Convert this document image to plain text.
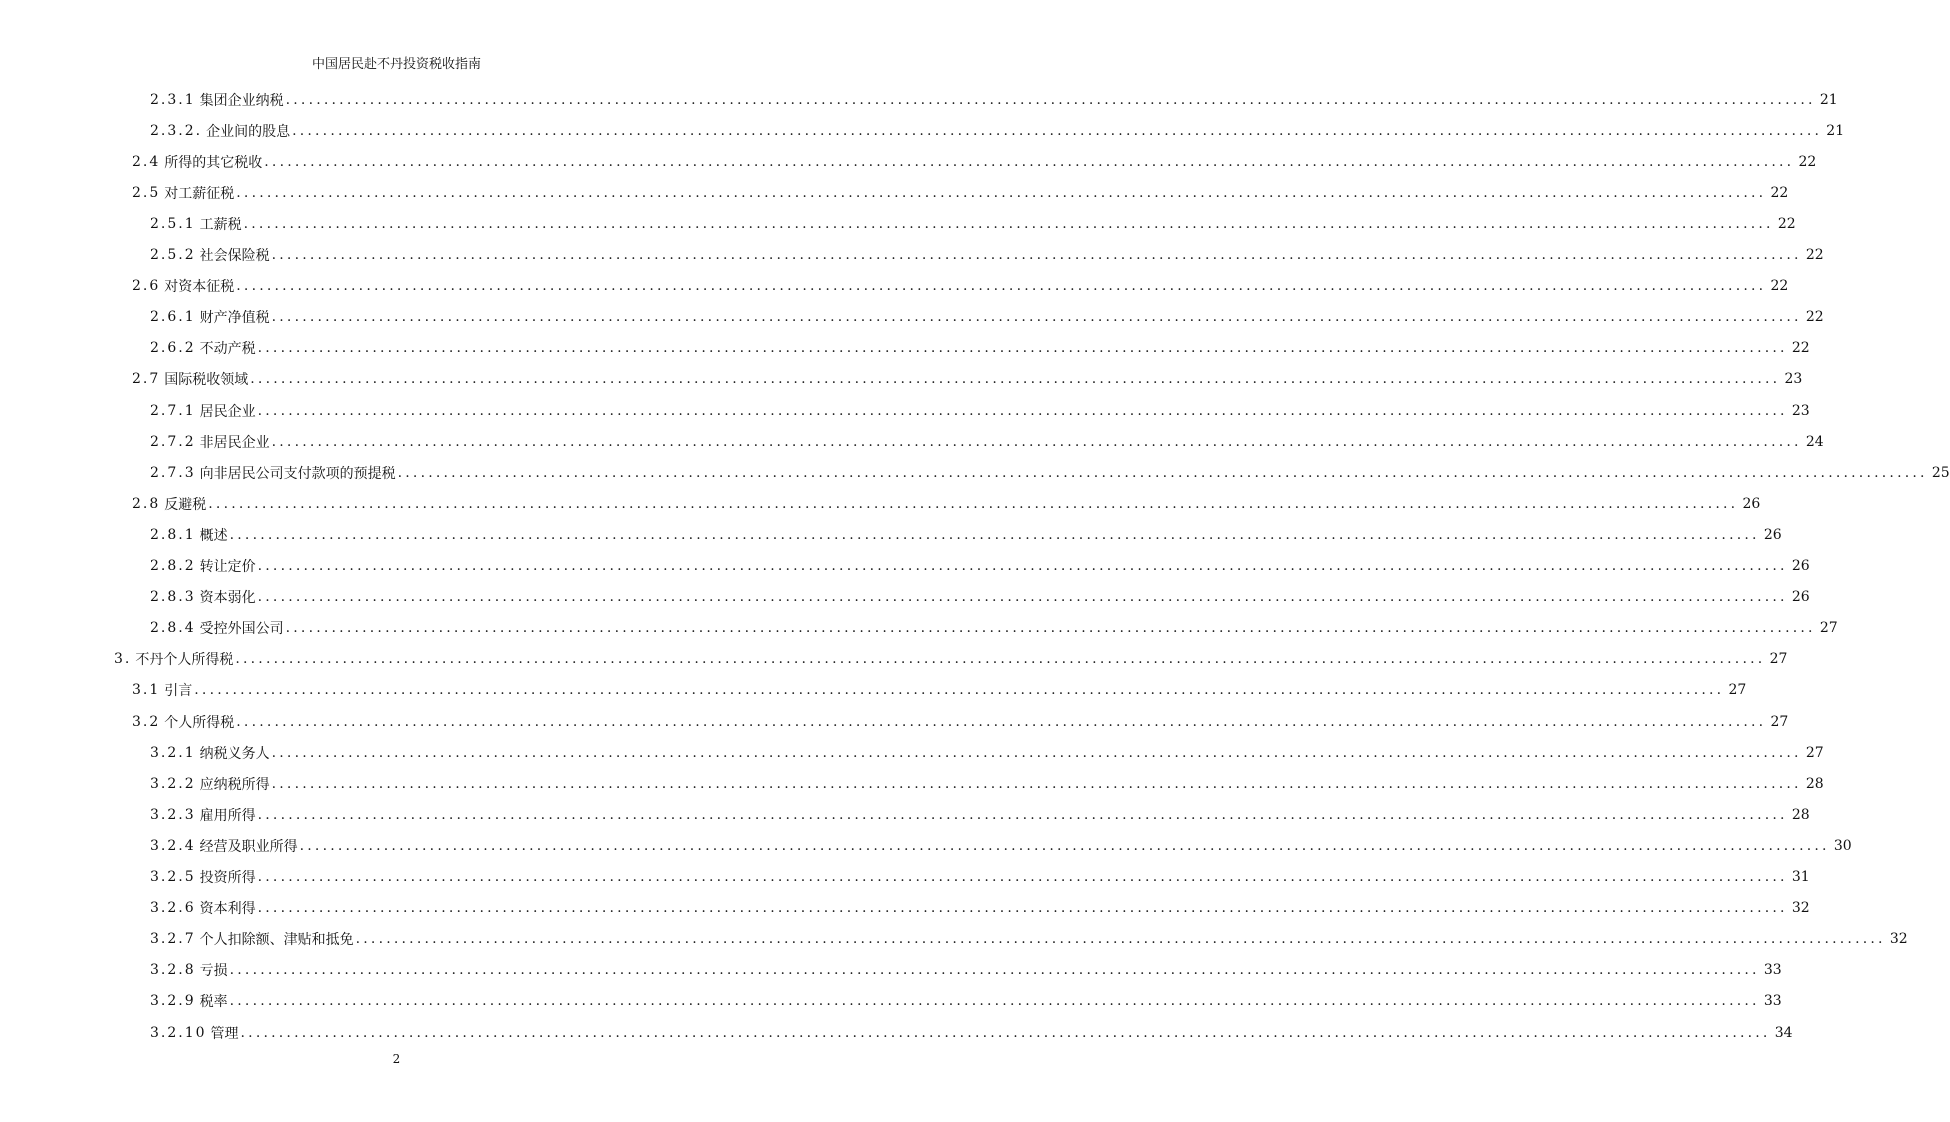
中国居民赴不丹投资税收指南
2.3.1 集团企业纳税 ........................................................................................................................................................................................................ 21
2.3.2. 企业间的股息 ........................................................................................................................................................................................................ 21
2.4 所得的其它税收 ........................................................................................................................................................................................................ 22
2.5 对工薪征税 ........................................................................................................................................................................................................ 22
2.5.1 工薪税 ........................................................................................................................................................................................................ 22
2.5.2 社会保险税 ........................................................................................................................................................................................................ 22
2.6 对资本征税 ........................................................................................................................................................................................................ 22
2.6.1 财产净值税 ........................................................................................................................................................................................................ 22
2.6.2 不动产税 ........................................................................................................................................................................................................ 22
2.7 国际税收领域 ........................................................................................................................................................................................................ 23
2.7.1 居民企业 ........................................................................................................................................................................................................ 23
2.7.2 非居民企业 ........................................................................................................................................................................................................ 24
2.7.3 向非居民公司支付款项的预提税 ........................................................................................................................................................................................................ 25
2.8 反避税 ........................................................................................................................................................................................................ 26
2.8.1 概述 ........................................................................................................................................................................................................ 26
2.8.2 转让定价 ........................................................................................................................................................................................................ 26
2.8.3 资本弱化 ........................................................................................................................................................................................................ 26
2.8.4 受控外国公司 ........................................................................................................................................................................................................ 27
3. 不丹个人所得税 ........................................................................................................................................................................................................ 27
3.1 引言 ........................................................................................................................................................................................................ 27
3.2 个人所得税 ........................................................................................................................................................................................................ 27
3.2.1 纳税义务人 ........................................................................................................................................................................................................ 27
3.2.2 应纳税所得 ........................................................................................................................................................................................................ 28
3.2.3 雇用所得 ........................................................................................................................................................................................................ 28
3.2.4 经营及职业所得 ........................................................................................................................................................................................................ 30
3.2.5 投资所得 ........................................................................................................................................................................................................ 31
3.2.6 资本利得 ........................................................................................................................................................................................................ 32
3.2.7 个人扣除额、津贴和抵免 ........................................................................................................................................................................................................ 32
3.2.8 亏损 ........................................................................................................................................................................................................ 33
3.2.9 税率 ........................................................................................................................................................................................................ 33
3.2.10 管理 ........................................................................................................................................................................................................ 34
2
